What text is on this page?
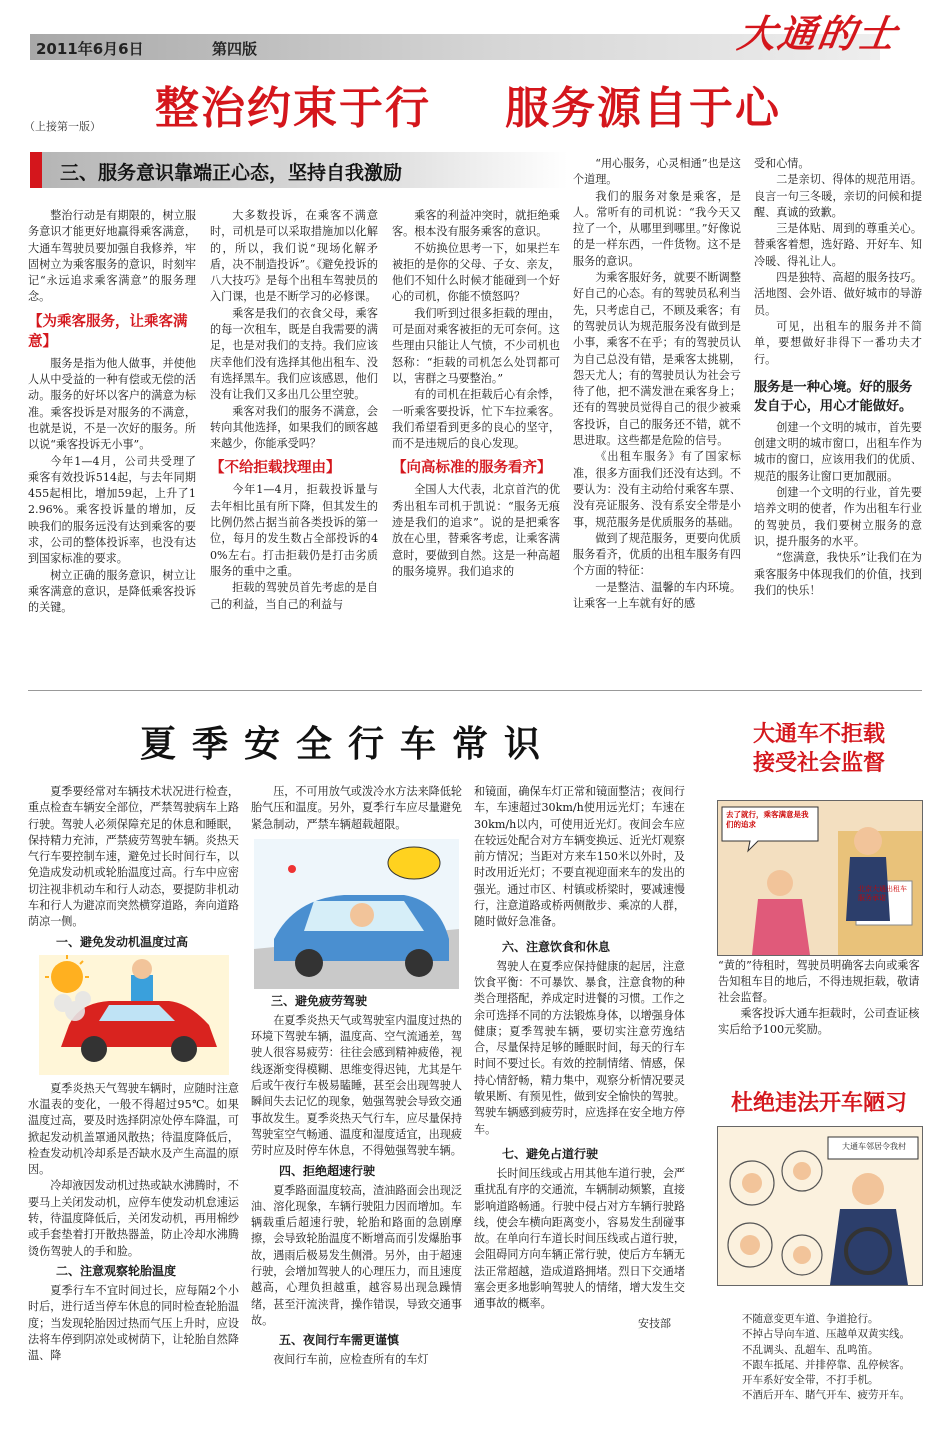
2011年6月6日	第四版	大通的士
（上接第一版） 整治约束于行 服务源自于心
三、服务意识靠端正心态，坚持自我激励

整治行动是有期限的，树立服务意识才能更好地赢得乘客满意，大通车驾驶员要加强自我修养，牢固树立为乘客服务的意识，时刻牢记“永远追求乘客满意”的服务理念。

【为乘客服务，让乘客满意】

服务是指为他人做事，并使他人从中受益的一种有偿或无偿的活动。服务的好坏以客户的满意为标准。乘客投诉是对服务的不满意，也就是说，不是一次好的服务。所以说“乘客投诉无小事”。

今年1—4月，公司共受理了乘客有效投诉514起，与去年同期455起相比，增加59起，上升了12.96%。乘客投诉量的增加，反映我们的服务远没有达到乘客的要求，公司的整体投诉率，也没有达到国家标准的要求。

树立正确的服务意识，树立让乘客满意的意识，是降低乘客投诉的关键。

大多数投诉，在乘客不满意时，司机是可以采取措施加以化解的，所以，我们说“现场化解矛盾，决不制造投诉”。《避免投诉的八大技巧》是每个出租车驾驶员的入门课，也是不断学习的必修课。

乘客是我们的衣食父母，乘客的每一次租车，既是自我需要的满足，也是对我们的支持。我们应该庆幸他们没有选择其他出租车、没有选择黑车。我们应该感恩，他们没有让我们又多出几公里空驶。

乘客对我们的服务不满意，会转向其他选择，如果我们的顾客越来越少，你能承受吗？

【不给拒载找理由】

今年1—4月，拒载投诉量与去年相比虽有所下降，但其发生的比例仍然占据当前各类投诉的第一位，每月的发生数占全部投诉的40%左右。打击拒载仍是打击劣质服务的重中之重。

拒载的驾驶员首先考虑的是自己的利益，当自己的利益与

乘客的利益冲突时，就拒绝乘客。根本没有服务乘客的意识。

不妨换位思考一下，如果拦车被拒的是你的父母、子女、亲友，他们不知什么时候才能碰到一个好心的司机，你能不愤怒吗？

我们听到过很多拒载的理由，可是面对乘客被拒的无可奈何。这些理由只能让人气愤，不少司机也怒称：“拒载的司机怎么处罚都可以，害群之马要整治。”

有的司机在拒载后心有余悸，一听乘客要投诉，忙下车拉乘客。我们希望看到更多的良心的坚守，而不是违规后的良心发现。

【向高标准的服务看齐】

全国人大代表，北京首汽的优秀出租车司机于凯说：“服务无痕迹是我们的追求”。说的是把乘客放在心里，替乘客考虑，让乘客满意时，要做到自然。这是一种高超的服务境界。我们追求的

“用心服务，心灵相通”也是这个道理。

我们的服务对象是乘客，是人。常听有的司机说：“我今天又拉了一个，从哪里到哪里。”好像说的是一样东西，一件货物。这不是服务的意识。

为乘客服好务，就要不断调整好自己的心态。有的驾驶员私利当先，只考虑自己，不顾及乘客；有的驾驶员认为规范服务没有做到是小事，乘客不在乎；有的驾驶员认为自己总没有错，是乘客太挑剔，怨天尤人；有的驾驶员认为社会亏待了他，把不满发泄在乘客身上；还有的驾驶员觉得自己的很少被乘客投诉，自己的服务还不错，就不思进取。这些都是危险的信号。

《出租车服务》有了国家标准，很多方面我们还没有达到。不要认为：没有主动给付乘客车票、没有亮证服务、没有系安全带是小事，规范服务是优质服务的基础。

做到了规范服务，更要向优质服务看齐，优质的出租车服务有四个方面的特征：

一是整洁、温馨的车内环境。让乘客一上车就有好的感

受和心情。

二是亲切、得体的规范用语。良言一句三冬暖，亲切的问候和提醒、真诚的致歉。

三是体贴、周到的尊重关心。替乘客着想，选好路、开好车、知冷暖、得礼让人。

四是独特、高超的服务技巧。活地图、会外语、做好城市的导游员。

可见，出租车的服务并不简单，要想做好非得下一番功夫才行。

服务是一种心境。好的服务发自于心，用心才能做好。

创建一个文明的城市，首先要创建文明的城市窗口，出租车作为城市的窗口，应该用我们的优质、规范的服务让窗口更加靓丽。

创建一个文明的行业，首先要培养文明的使者，作为出租车行业的驾驶员，我们要树立服务的意识，提升服务的水平。

“您满意，我快乐”让我们在为乘客服务中体现我们的价值，找到我们的快乐！

夏季安全行车常识

夏季要经常对车辆技术状况进行检查，重点检查车辆安全部位，严禁驾驶病车上路行驶。驾驶人必须保障充足的休息和睡眠，保持精力充沛，严禁疲劳驾驶车辆。炎热天气行车要控制车速，避免过长时间行车，以免造成发动机或轮胎温度过高。行车中应密切注视非机动车和行人动态，要提防非机动车和行人为避凉而突然横穿道路，奔向道路荫凉一侧。

一、避免发动机温度过高

夏季炎热天气驾驶车辆时，应随时注意水温表的变化，一般不得超过95℃。如果温度过高，要及时选择阴凉处停车降温，可掀起发动机盖罩通风散热；待温度降低后，检查发动机冷却系是否缺水及产生高温的原因。

冷却液因发动机过热或缺水沸腾时，不要马上关闭发动机，应停车使发动机怠速运转，待温度降低后，关闭发动机，再用棉纱或手套垫着打开散热器盖，防止冷却水沸腾烫伤驾驶人的手和脸。

二、注意观察轮胎温度

夏季行车不宜时间过长，应每隔2个小时后，进行适当停车休息的同时检查轮胎温度；当发现轮胎因过热而气压上升时，应设法将车停到阴凉处或树荫下，让轮胎自然降温、降

压，不可用放气或泼冷水方法来降低轮胎气压和温度。另外，夏季行车应尽量避免紧急制动，严禁车辆超载超限。

三、避免疲劳驾驶

在夏季炎热天气或驾驶室内温度过热的环境下驾驶车辆，温度高、空气流通差，驾驶人很容易疲劳：往往会感到精神疲倦，视线逐渐变得模糊、思维变得迟钝，尤其是午后或午夜行车极易瞌睡，甚至会出现驾驶人瞬间失去记忆的现象，勉强驾驶会导致交通事故发生。夏季炎热天气行车，应尽量保持驾驶室空气畅通、温度和湿度适宜，出现疲劳时应及时停车休息，不得勉强驾驶车辆。

四、拒绝超速行驶

夏季路面温度较高，渣油路面会出现泛油、溶化现象，车辆行驶阻力因而增加。车辆载重后超速行驶，轮胎和路面的急剧摩擦，会导致轮胎温度不断增高而引发爆胎事故，遇雨后极易发生侧滑。另外，由于超速行驶，会增加驾驶人的心理压力，而且速度越高，心理负担越重，越容易出现急躁情绪，甚至汗流浃背，操作错误，导致交通事故。

五、夜间行车需更谨慎

夜间行车前，应检查所有的车灯

和镜面，确保车灯正常和镜面整洁；夜间行车，车速超过30km/h使用远光灯；车速在30km/h以内，可使用近光灯。夜间会车应在较远处配合对方车辆变换远、近光灯观察前方情况；当距对方来车150米以外时，及时改用近光灯；不要直视迎面来车的发出的强光。通过市区、村镇或桥梁时，要减速慢行，注意道路或桥两侧散步、乘凉的人群，随时做好急准备。

六、注意饮食和休息

驾驶人在夏季应保持健康的起居，注意饮食平衡：不可暴饮、暴食，注意食物的种类合理搭配，养成定时进餐的习惯。工作之余可选择不同的方法锻炼身体，以增强身体健康；夏季驾驶车辆，要切实注意劳逸结合，尽量保持足够的睡眠时间，每天的行车时间不要过长。有效的控制情绪、情感，保持心情舒畅，精力集中，观察分析情况要灵敏果断、有预见性，做到安全愉快的驾驶。驾驶车辆感到疲劳时，应选择在安全地方停车。

七、避免占道行驶

长时间压线或占用其他车道行驶，会严重扰乱有序的交通流，车辆制动频繁，直接影响道路畅通。行驶中侵占对方车辆行驶路线，使会车横向距离变小，容易发生刮碰事故。在单向行车道长时间压线或占道行驶，会阻碍同方向车辆正常行驶，使后方车辆无法正常超越，造成道路拥堵。烈日下交通堵塞会更多地影响驾驶人的情绪，增大发生交通事故的概率。

安技部
大通车不拒载
接受社会监督
去了就行，乘客满意是我们的追求
北京大通出租车服务承诺

“黄的”待租时，驾驶员明确客去向或乘客告知租车目的地后，不得违规拒载，敬请社会监督。

乘客投诉大通车拒载时，公司查证核实后给予100元奖励。

杜绝违法开车陋习
大通车邻居令我村
不随意变更车道、争道抢行。
不掉占导向车道、压越单双黄实线。
不乱调头、乱超车、乱鸣笛。
不跟车抵尾、并排停靠、乱停候客。
开车系好安全带，不打手机。
不酒后开车、賭气开车、疲劳开车。
